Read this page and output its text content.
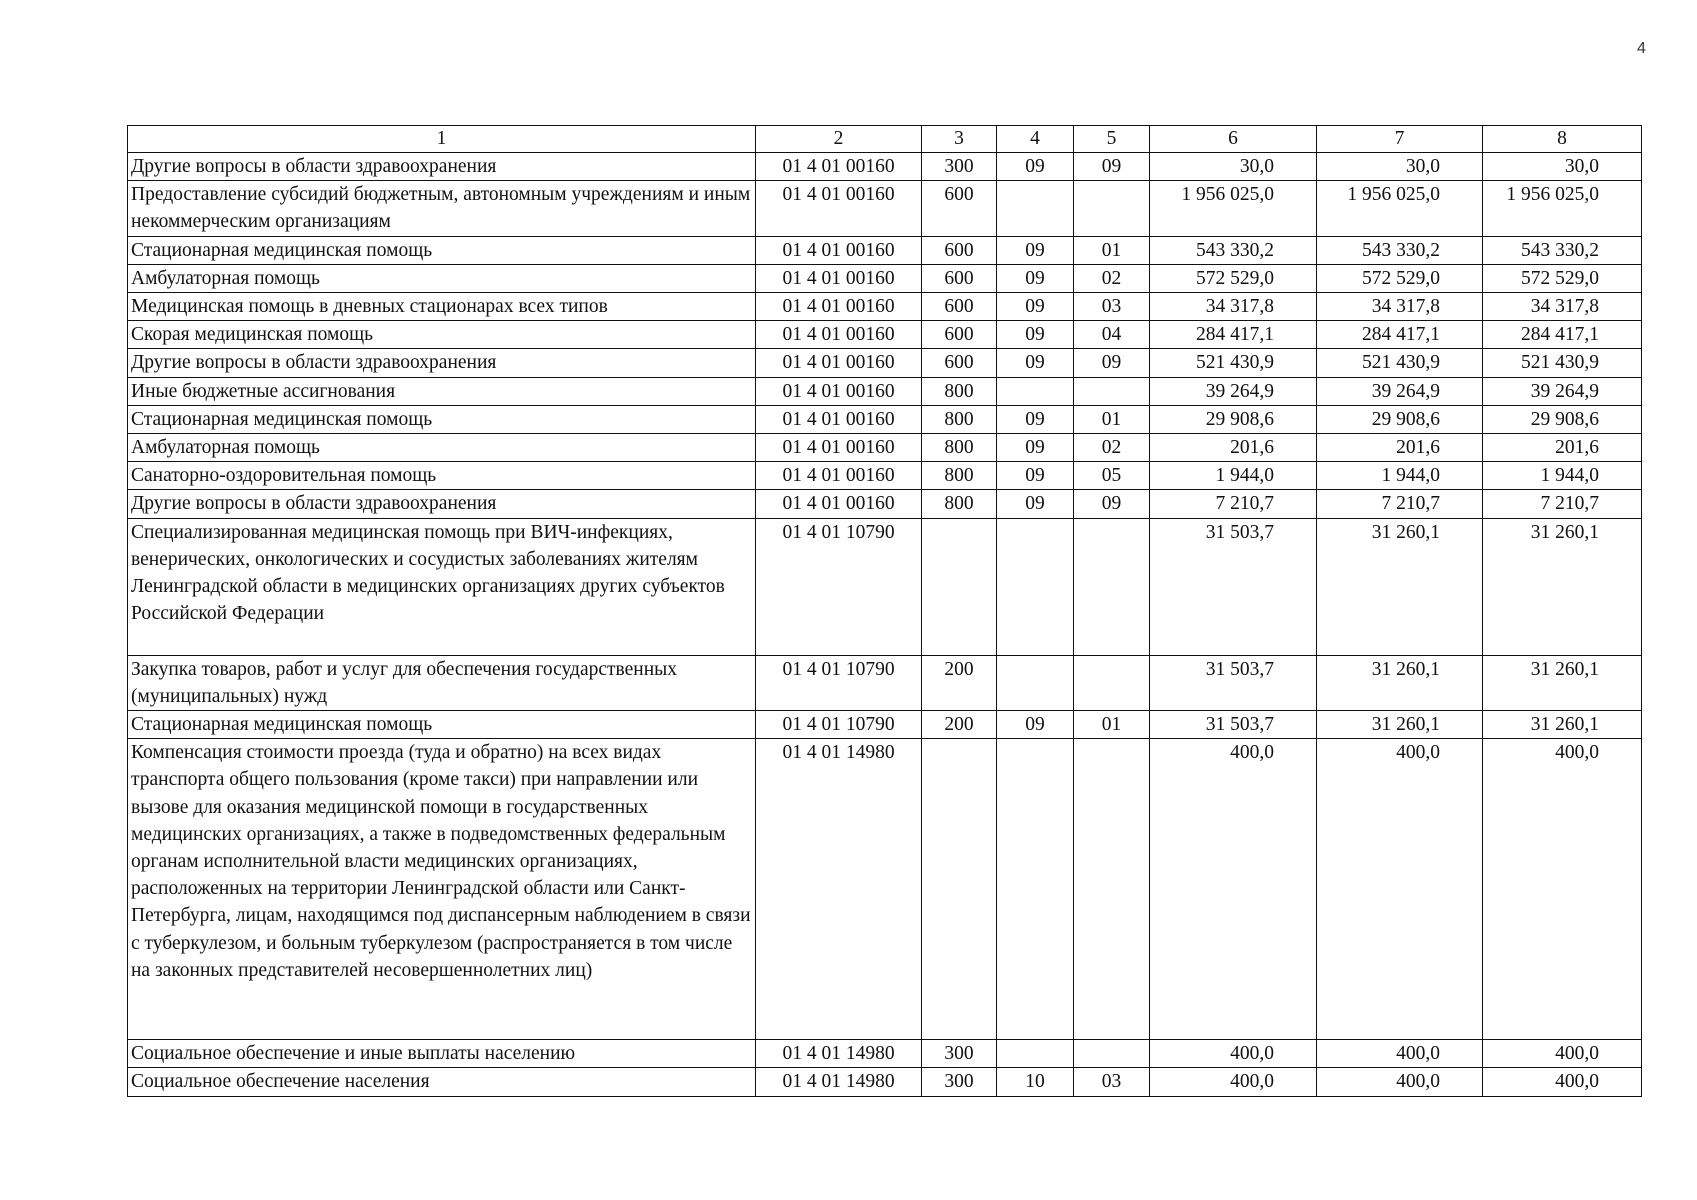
4
1	2	3	4	5	6	7	8
Другие вопросы в области здравоохранения	01 4 01 00160	300	09	09	30,0	30,0	30,0
Предоставление субсидий бюджетным, автономным учреждениям и иным некоммерческим организациям	01 4 01 00160	600			1 956 025,0	1 956 025,0	1 956 025,0
Стационарная медицинская помощь	01 4 01 00160	600	09	01	543 330,2	543 330,2	543 330,2
Амбулаторная помощь	01 4 01 00160	600	09	02	572 529,0	572 529,0	572 529,0
Медицинская помощь в дневных стационарах всех типов	01 4 01 00160	600	09	03	34 317,8	34 317,8	34 317,8
Скорая медицинская помощь	01 4 01 00160	600	09	04	284 417,1	284 417,1	284 417,1
Другие вопросы в области здравоохранения	01 4 01 00160	600	09	09	521 430,9	521 430,9	521 430,9
Иные бюджетные ассигнования	01 4 01 00160	800			39 264,9	39 264,9	39 264,9
Стационарная медицинская помощь	01 4 01 00160	800	09	01	29 908,6	29 908,6	29 908,6
Амбулаторная помощь	01 4 01 00160	800	09	02	201,6	201,6	201,6
Санаторно-оздоровительная помощь	01 4 01 00160	800	09	05	1 944,0	1 944,0	1 944,0
Другие вопросы в области здравоохранения	01 4 01 00160	800	09	09	7 210,7	7 210,7	7 210,7
Специализированная медицинская помощь при ВИЧ-инфекциях, венерических, онкологических и сосудистых заболеваниях жителям Ленинградской области в медицинских организациях других субъектов Российской Федерации	01 4 01 10790				31 503,7	31 260,1	31 260,1
Закупка товаров, работ и услуг для обеспечения государственных (муниципальных) нужд	01 4 01 10790	200			31 503,7	31 260,1	31 260,1
Стационарная медицинская помощь	01 4 01 10790	200	09	01	31 503,7	31 260,1	31 260,1
Компенсация стоимости проезда (туда и обратно) на всех видах транспорта общего пользования (кроме такси) при направлении или вызове для оказания медицинской помощи в государственных медицинских организациях, а также в подведомственных федеральным органам исполнительной власти медицинских организациях, расположенных на территории Ленинградской области или Санкт-Петербурга, лицам, находящимся под диспансерным наблюдением в связи с туберкулезом, и больным туберкулезом (распространяется в том числе на законных представителей несовершеннолетних лиц)	01 4 01 14980				400,0	400,0	400,0
Социальное обеспечение и иные выплаты населению	01 4 01 14980	300			400,0	400,0	400,0
Социальное обеспечение населения	01 4 01 14980	300	10	03	400,0	400,0	400,0
